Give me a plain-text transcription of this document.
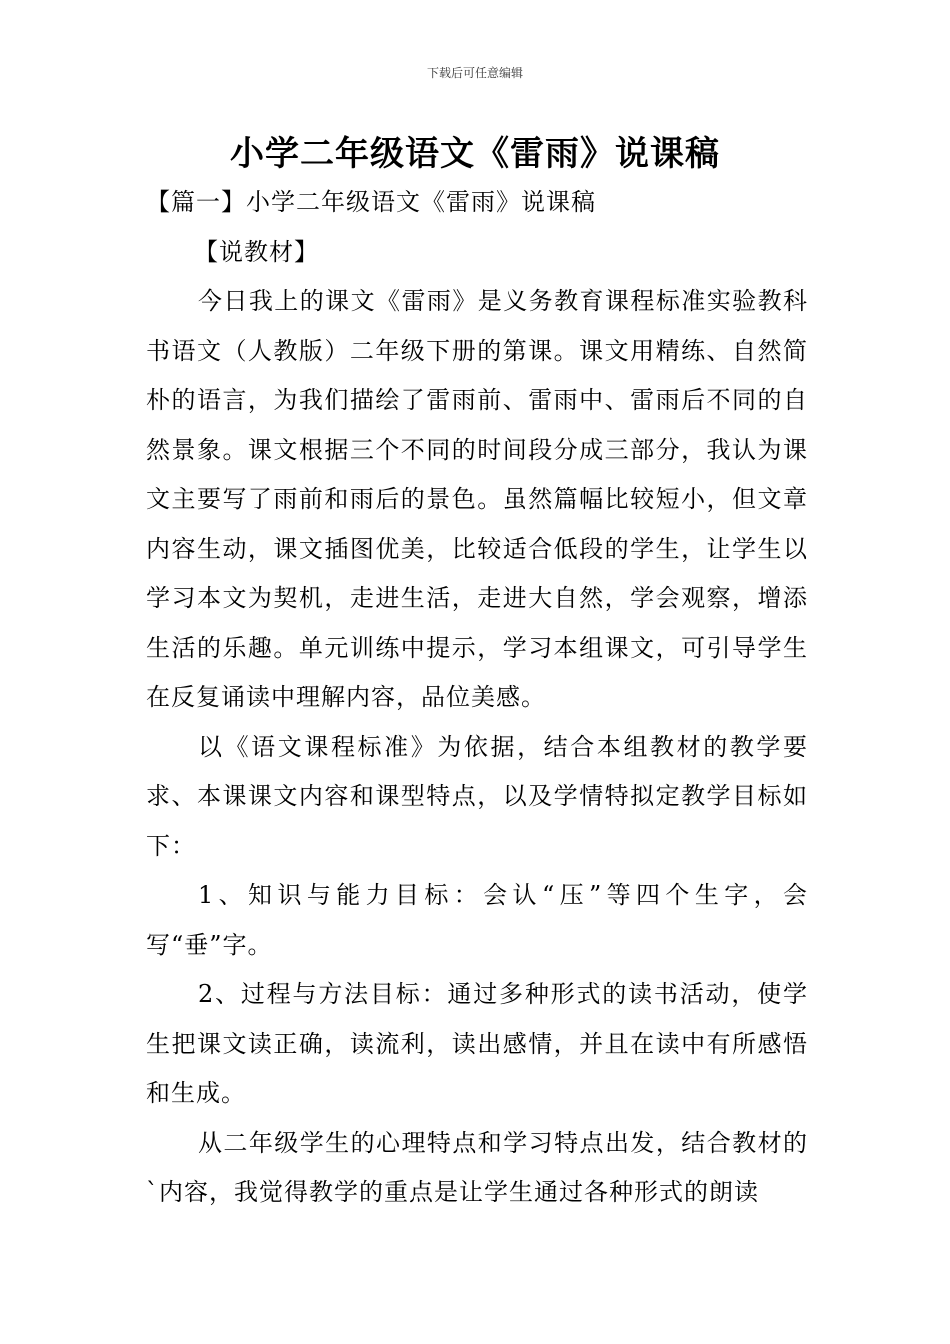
下载后可任意编辑
小学二年级语文《雷雨》说课稿

【篇一】小学二年级语文《雷雨》说课稿

【说教材】

今日我上的课文《雷雨》是义务教育课程标准实验教科书语文（人教版）二年级下册的第课。课文用精练、自然简朴的语言，为我们描绘了雷雨前、雷雨中、雷雨后不同的自然景象。课文根据三个不同的时间段分成三部分，我认为课文主要写了雨前和雨后的景色。虽然篇幅比较短小，但文章内容生动，课文插图优美，比较适合低段的学生，让学生以学习本文为契机，走进生活，走进大自然，学会观察，增添生活的乐趣。单元训练中提示，学习本组课文，可引导学生在反复诵读中理解内容，品位美感。

以《语文课程标准》为依据，结合本组教材的教学要求、本课课文内容和课型特点，以及学情特拟定教学目标如下：

1、知识与能力目标：会认“压”等四个生字，会写“垂”字。

2、过程与方法目标：通过多种形式的读书活动，使学生把课文读正确，读流利，读出感情，并且在读中有所感悟和生成。

从二年级学生的心理特点和学习特点出发，结合教材的`内容，我觉得教学的重点是让学生通过各种形式的朗读
